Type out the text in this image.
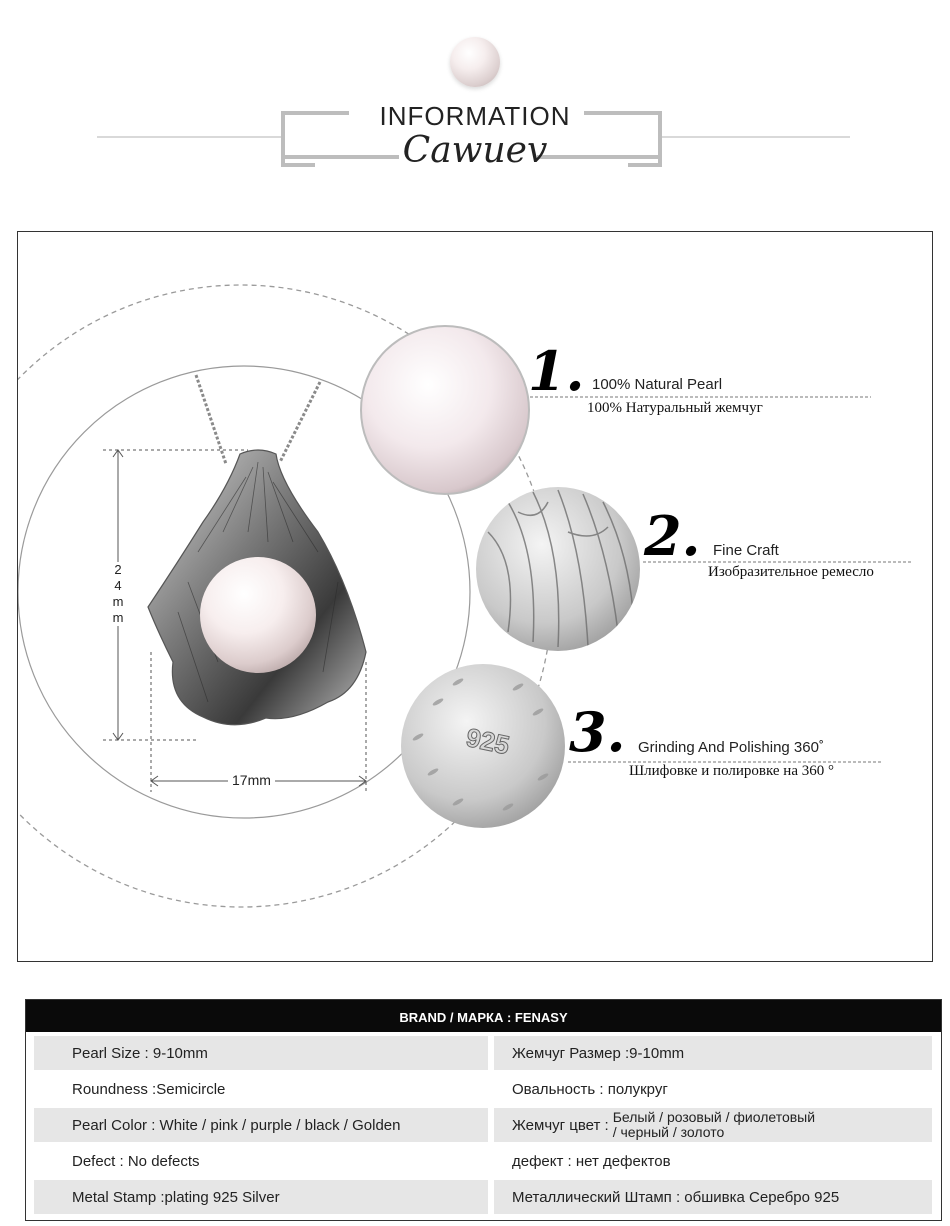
INFORMATION
Cawuev
925
2
4
m
m
17mm
1. 100% Natural Pearl
100% Натуральный жемчуг
2. Fine Craft
Изобразительное ремесло
3. Grinding And Polishing 360˚
Шлифовке и полировке на 360 °
BRAND / МАРКА : FENASY
Pearl Size : 9-10mm	Жемчуг Размер :9-10mm
Roundness :Semicircle	Овальность : полукруг
Pearl Color : White / pink / purple / black / Golden	Жемчуг цвет : Белый / розовый / фиолетовый
/ черный / золото
Defect : No defects	дефект : нет дефектов
Metal Stamp :plating 925 Silver	Металлический Штамп : обшивка Серебро 925
